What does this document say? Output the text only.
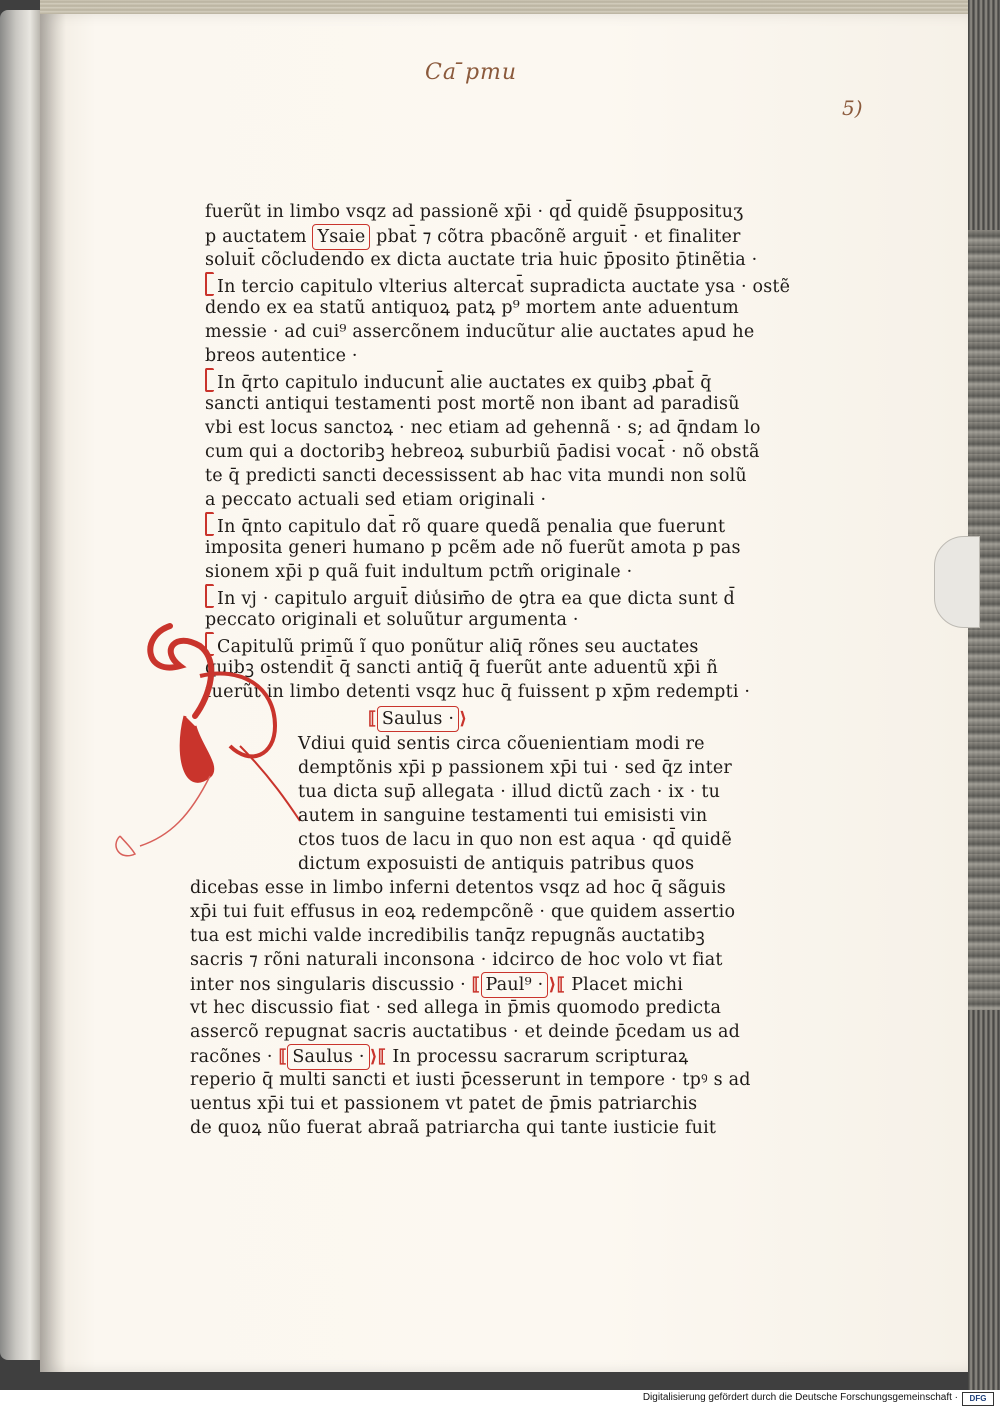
Ca ̄pmu
5)
fuerũt in limbo vsqz ad passionẽ xp̄i · qd̄ quidẽ p̄supposituʒ
p auctatem Ysaie pbat̄ ⁊ cõtra pbacõnẽ arguit̄ · et finaliter
soluit̄ cõcludendo ex dicta auctate tria huic p̄posito p̄tinẽtia ·
In tercio capitulo vlterius altercat̄ supradicta auctate ysa · ostẽ
dendo ex ea statũ antiquoꝝ patꝝ p⁹ mortem ante aduentum
messie · ad cui⁹ assercõnem inducũtur alie auctates apud he
breos autentice ·
In q̄rto capitulo inducunt̄ alie auctates ex quibꝫ ꝓbat̄ q̄
sancti antiqui testamenti post mortẽ non ibant ad paradisũ
vbi est locus sanctoꝝ · nec etiam ad gehennã · s; ad q̄ndam lo
cum qui a doctoribꝫ hebreoꝝ suburbiũ p̄adisi vocat̄ · nõ obstã
te q̄ predicti sancti decessissent ab hac vita mundi non solũ
a peccato actuali sed etiam originali ·
In q̄nto capitulo dat̄ rõ quare quedã penalia que fuerunt
imposita generi humano p pcẽm ade nõ fuerũt amota p pas
sionem xp̄i p quã fuit indultum pctm̃ originale ·
In vj · capitulo arguit̄ diu̾sim̄o de ꝯtra ea que dicta sunt d̄
peccato originali et soluũtur argumenta ·
Capitulũ primũ ĩ quo ponũtur aliq̄ rõnes seu auctates
quibꝫ ostendit̄ q̄ sancti antiq̄ q̄ fuerũt ante aduentũ xp̄i ñ
fuerũt in limbo detenti vsqz huc q̄ fuissent p xp̄m redempti ·
⟦ Saulus · ⟩
Vdiui quid sentis circa cõuenientiam modi re
demptõnis xp̄i p passionem xp̄i tui · sed q̄z inter
tua dicta sup̄ allegata · illud dictũ zach · ix · tu
autem in sanguine testamenti tui emisisti vin
ctos tuos de lacu in quo non est aqua · qd̄ quidẽ
dictum exposuisti de antiquis patribus quos
dicebas esse in limbo inferni detentos vsqz ad hoc q̄ sãguis
xp̄i tui fuit effusus in eoꝝ redempcõnẽ · que quidem assertio
tua est michi valde incredibilis tanq̄z repugnãs auctatibꝫ
sacris ⁊ rõni naturali inconsona · idcirco de hoc volo vt fiat
inter nos singularis discussio · ⟦ Paul⁹ · ⟩⟦ Placet michi
vt hec discussio fiat · sed allega in p̄mis quomodo predicta
assercõ repugnat sacris auctatibus · et deinde p̄cedam us ad
racõnes · ⟦ Saulus · ⟩⟦ In processu sacrarum scripturaꝝ
reperio q̄ multi sancti et iusti p̄cesserunt in tempore · tpꝰ s ad
uentus xp̄i tui et passionem vt patet de p̄mis patriarchis
de quoꝝ nũo fuerat abraã patriarcha qui tante iusticie fuit
Digitalisierung gefördert durch die Deutsche Forschungsgemeinschaft ·	DFG
